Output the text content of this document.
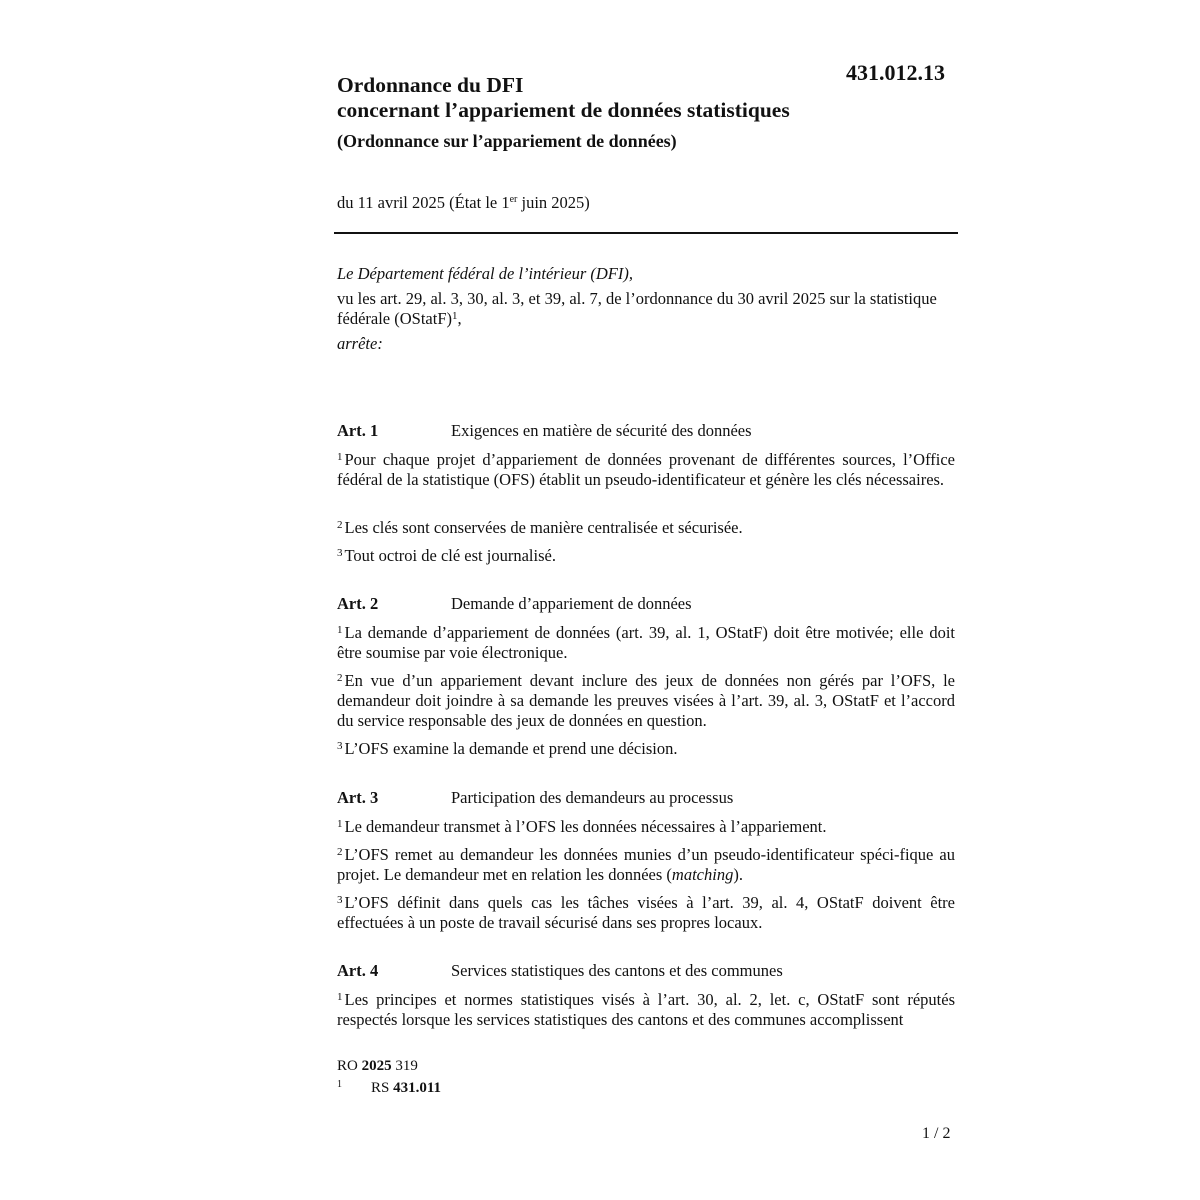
431.012.13
Ordonnance du DFI
concernant l’appariement de données statistiques
(Ordonnance sur l’appariement de données)
du 11 avril 2025 (État le 1er juin 2025)

Le Département fédéral de l’intérieur (DFI),

vu les art. 29, al. 3, 30, al. 3, et 39, al. 7, de l’ordonnance du 30 avril 2025 sur la statistique fédérale (OStatF)$^1$,

arrête:

Art. 1	Exigences en matière de sécurité des données
$^1$ Pour chaque projet d’appariement de données provenant de différentes sources, l’Office fédéral de la statistique (OFS) établit un pseudo-identificateur et génère les clés nécessaires.
$^2$ Les clés sont conservées de manière centralisée et sécurisée.
$^3$ Tout octroi de clé est journalisé.
Art. 2	Demande d’appariement de données
$^1$ La demande d’appariement de données (art. 39, al. 1, OStatF) doit être motivée; elle doit être soumise par voie électronique.
$^2$ En vue d’un appariement devant inclure des jeux de données non gérés par l’OFS, le demandeur doit joindre à sa demande les preuves visées à l’art. 39, al. 3, OStatF et l’accord du service responsable des jeux de données en question.
$^3$ L’OFS examine la demande et prend une décision.
Art. 3	Participation des demandeurs au processus
$^1$ Le demandeur transmet à l’OFS les données nécessaires à l’appariement.
$^2$ L’OFS remet au demandeur les données munies d’un pseudo-identificateur spéci-fique au projet. Le demandeur met en relation les données (matching).
$^3$ L’OFS définit dans quels cas les tâches visées à l’art. 39, al. 4, OStatF doivent être effectuées à un poste de travail sécurisé dans ses propres locaux.
Art. 4	Services statistiques des cantons et des communes
$^1$ Les principes et normes statistiques visés à l’art. 30, al. 2, let. c, OStatF sont réputés respectés lorsque les services statistiques des cantons et des communes accomplissent
RO 2025 319
1 RS 431.011
1 / 2
